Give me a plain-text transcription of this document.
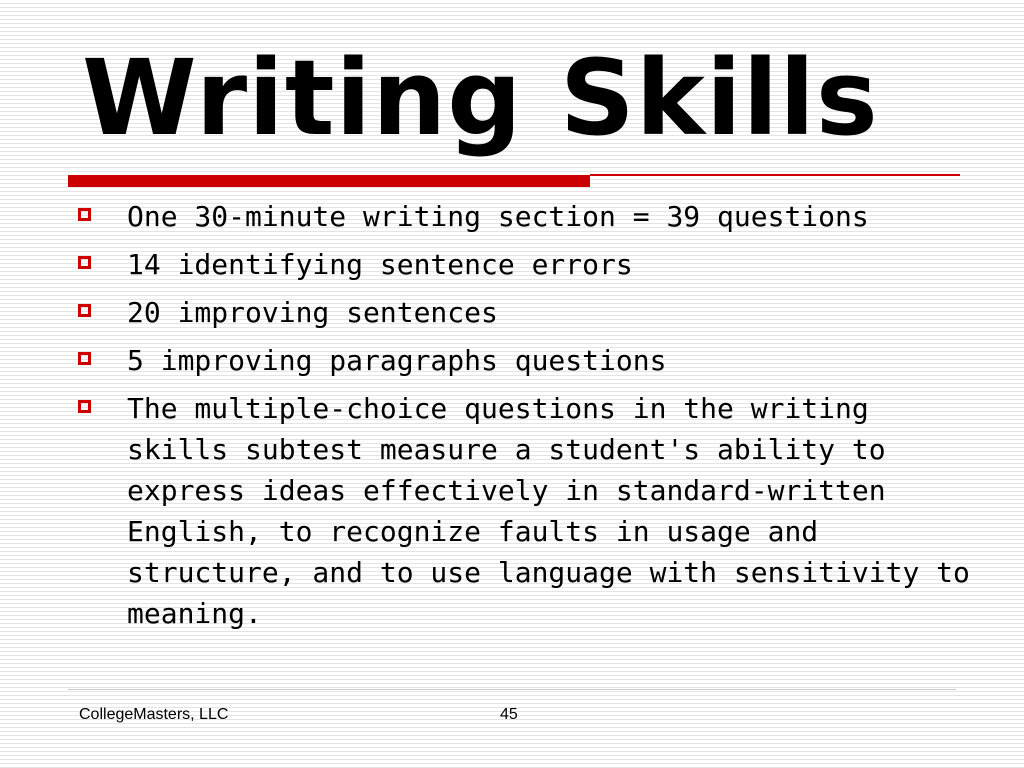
Writing Skills
One 30-minute writing section = 39 questions
14 identifying sentence errors
20 improving sentences
5 improving paragraphs questions
The multiple-choice questions in the writing skills subtest measure a student's ability to express ideas effectively in standard-written English, to recognize faults in usage and structure, and to use language with sensitivity to meaning.
CollegeMasters, LLC	45
